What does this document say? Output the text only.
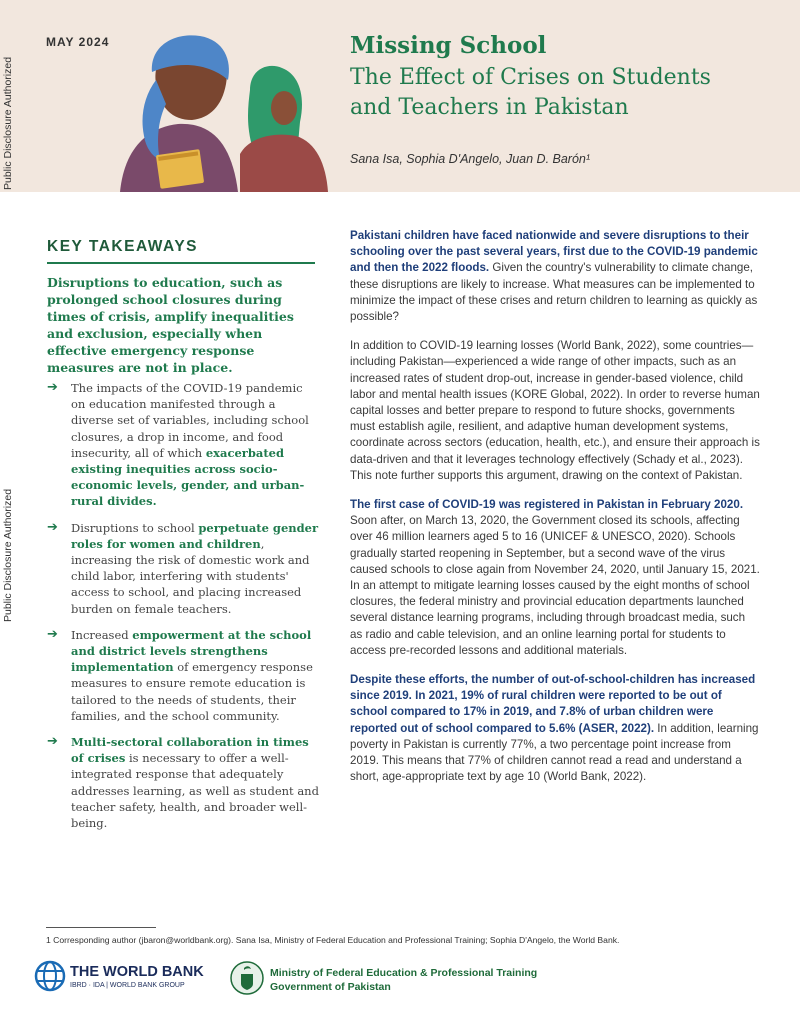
Public Disclosure Authorized
Public Disclosure Authorized
MAY 2024	Missing School
The Effect of Crises on Students
and Teachers in Pakistan
Sana Isa, Sophia D'Angelo, Juan D. Barón¹
KEY TAKEAWAYS
Disruptions to education, such as prolonged school closures during times of crisis, amplify inequalities and exclusion, especially when effective emergency response measures are not in place.
➔ The impacts of the COVID-19 pandemic on education manifested through a diverse set of variables, including school closures, a drop in income, and food insecurity, all of which exacerbated existing inequities across socio-economic levels, gender, and urban-rural divides.
➔ Disruptions to school perpetuate gender roles for women and children, increasing the risk of domestic work and child labor, interfering with students' access to school, and placing increased burden on female teachers.
➔ Increased empowerment at the school and district levels strengthens implementation of emergency response measures to ensure remote education is tailored to the needs of students, their families, and the school community.
➔ Multi-sectoral collaboration in times of crises is necessary to offer a well-integrated response that adequately addresses learning, as well as student and teacher safety, health, and broader well-being.

Pakistani children have faced nationwide and severe disruptions to their schooling over the past several years, first due to the COVID-19 pandemic and then the 2022 floods. Given the country's vulnerability to climate change, these disruptions are likely to increase. What measures can be implemented to minimize the impact of these crises and return children to learning as quickly as possible?

In addition to COVID-19 learning losses (World Bank, 2022), some countries—including Pakistan—experienced a wide range of other impacts, such as an increased rates of student drop-out, increase in gender-based violence, child labor and mental health issues (KORE Global, 2022). In order to reverse human capital losses and better prepare to respond to future shocks, governments must establish agile, resilient, and adaptive human development systems, coordinate across sectors (education, health, etc.), and ensure their approach is data-driven and that it leverages technology effectively (Schady et al., 2023). This note further supports this argument, drawing on the context of Pakistan.

The first case of COVID-19 was registered in Pakistan in February 2020. Soon after, on March 13, 2020, the Government closed its schools, affecting over 46 million learners aged 5 to 16 (UNICEF & UNESCO, 2020). Schools gradually started reopening in September, but a second wave of the virus caused schools to close again from November 24, 2020, until January 15, 2021. In an attempt to mitigate learning losses caused by the eight months of school closures, the federal ministry and provincial education departments launched several distance learning programs, including through broadcast media, such as radio and cable television, and an online learning portal for students to access pre-recorded lessons and additional materials.

Despite these efforts, the number of out-of-school-children has increased since 2019. In 2021, 19% of rural children were reported to be out of school compared to 17% in 2019, and 7.8% of urban children were reported out of school compared to 5.6% (ASER, 2022). In addition, learning poverty in Pakistan is currently 77%, a two percentage point increase from 2019. This means that 77% of children cannot read a read and understand a short, age-appropriate text by age 10 (World Bank, 2022).

1 Corresponding author (jbaron@worldbank.org). Sana Isa, Ministry of Federal Education and Professional Training; Sophia D'Angelo, the World Bank.
THE WORLD BANK
IBRD · IDA | WORLD BANK GROUP
Ministry of Federal Education & Professional Training
Government of Pakistan
